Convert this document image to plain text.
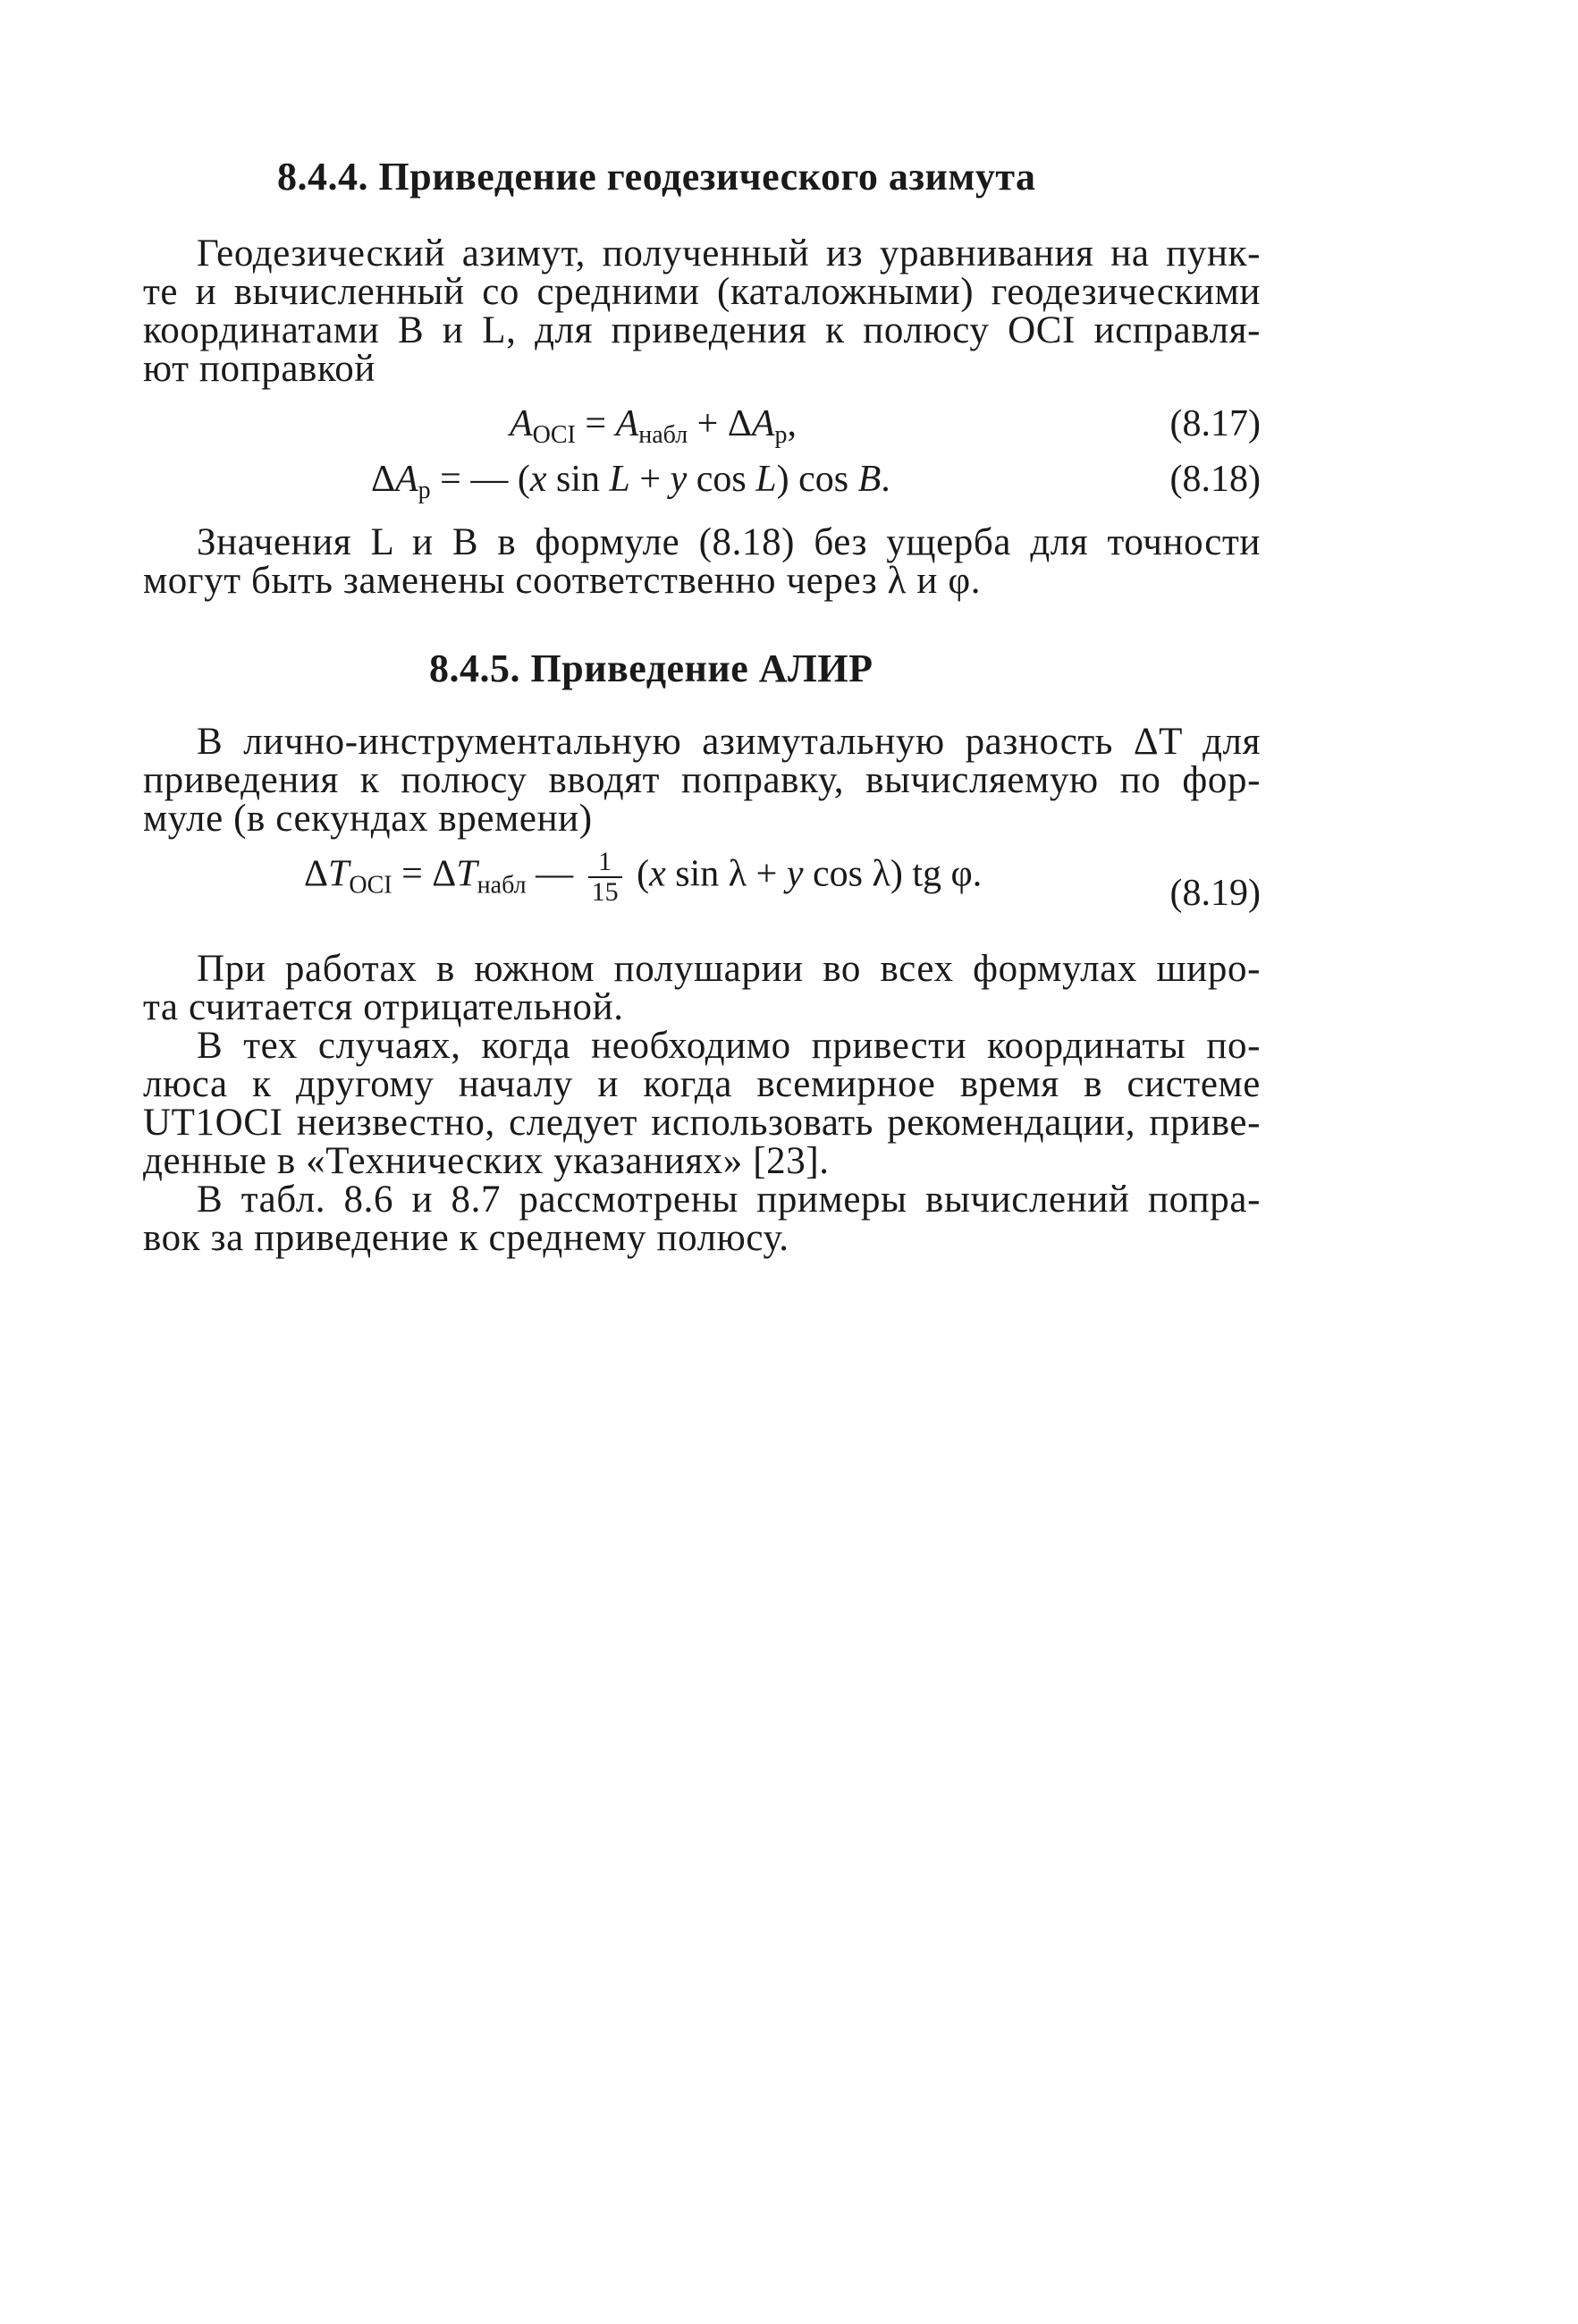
8.4.4. Приведение геодезического азимута
Геодезический азимут, полученный из уравнивания на пунк-
те и вычисленный со средними (каталожными) геодезическими
координатами B и L, для приведения к полюсу OCI исправля-
ют поправкой
$A_{OCI} = A_{набл} + \Delta A_р$,	(8.17)
$\Delta A_р$ = — (x sin L + y cos L) cos B.	(8.18)
Значения L и B в формуле (8.18) без ущерба для точности
могут быть заменены соответственно через λ и φ.
8.4.5. Приведение АЛИР
В лично-инструментальную азимутальную разность ΔT для
приведения к полюсу вводят поправку, вычисляемую по фор-
муле (в секундах времени)
$\Delta T_{OCI} = \Delta T_{набл}$ — $\frac{1}{15} (x$ sin λ + y cos λ) tg φ.	(8.19)
При работах в южном полушарии во всех формулах широ-
та считается отрицательной.
В тех случаях, когда необходимо привести координаты по-
люса к другому началу и когда всемирное время в системе
UT1OCI неизвестно, следует использовать рекомендации, приве-
денные в «Технических указаниях» [23].
В табл. 8.6 и 8.7 рассмотрены примеры вычислений попра-
вок за приведение к среднему полюсу.
